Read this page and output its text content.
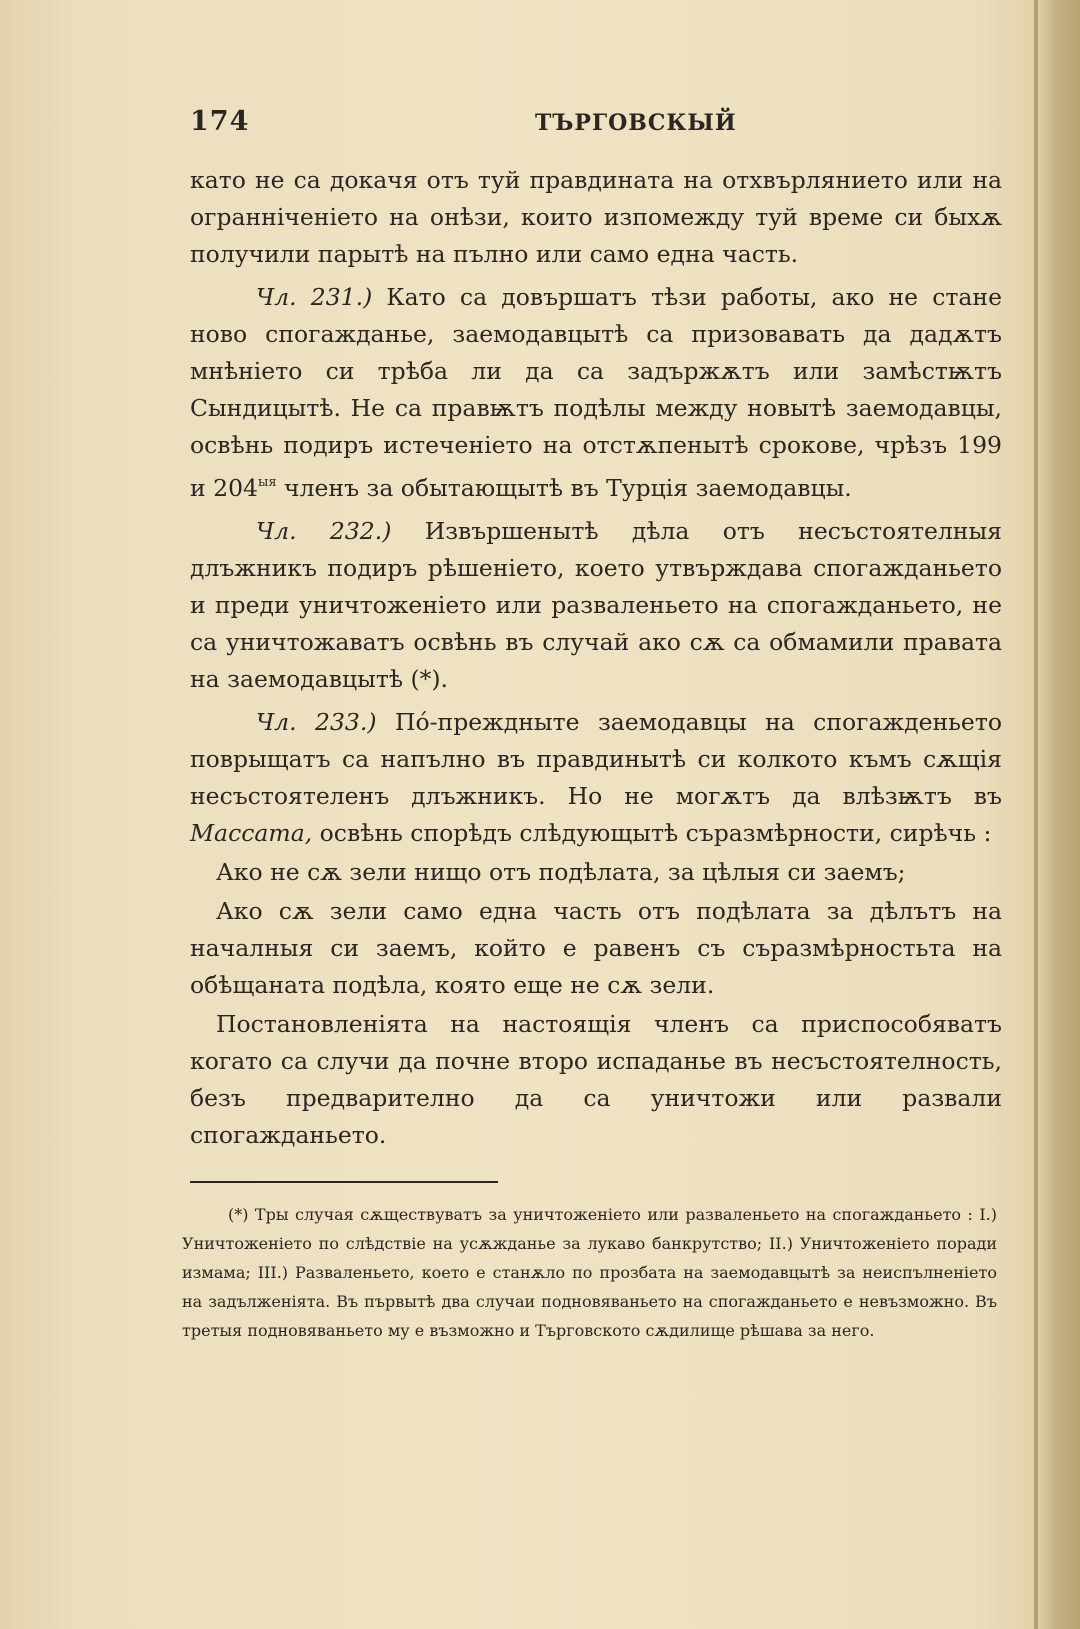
174	ТЪРГОВСКЫЙ

като не са докачя отъ туй правдината на отхвърлянието или на огранніченіето на онѣзи, които изпомежду туй време си быхѫ получили парытѣ на пълно или само една часть.

Чл. 231.) Като са довършатъ тѣзи работы, ако не стане ново спогажданье, заемодавцытѣ са призовавать да дадѫтъ мнѣніето си трѣба ли да са задържѫтъ или замѣстѭтъ Сындицытѣ. Не са правѭтъ подѣлы между новытѣ заемодавцы, освѣнь подиръ истеченіето на отстѫпенытѣ срокове, чрѣзъ 199 и $204^{ыя}$ членъ за обытающытѣ въ Турція заемодавцы.

Чл. 232.) Извършенытѣ дѣла отъ несъстоятелныя длъжникъ подиръ рѣшеніето, което утвърждава спогажданьето и преди уничтоженіето или разваленьето на спогажданьето, не са уничтожаватъ освѣнь въ случай ако сѫ са обмамили правата на заемодавцытѣ (*).

Чл. 233.) По́-преждныте заемодавцы на спогажденьето поврыщатъ са напълно въ правдинытѣ си колкото къмъ сѫщія несъстоятеленъ длъжникъ. Но не могѫтъ да влѣзѭтъ въ Массата, освѣнь спорѣдъ слѣдующытѣ съразмѣрности, сирѣчь :

Ако не сѫ зели нищо отъ подѣлата, за цѣлыя си заемъ;

Ако сѫ зели само една часть отъ подѣлата за дѣлътъ на началныя си заемъ, който е равенъ съ съразмѣрностьта на обѣщаната подѣла, която еще не сѫ зели.

Постановленіята на настоящія членъ са приспособяватъ когато са случи да почне второ испаданье въ несъстоятелность, безъ предварително да са уничтожи или развали спогажданьето.

(*) Тры случая сѫществуватъ за уничтоженіето или разваленьето на спогажданьето : I.) Уничтоженіето по слѣдствіе на усѫжданье за лукаво банкрутство; II.) Уничтоженіето поради измама; III.) Разваленьето, което е станѫло по прозбата на заемодавцытѣ за неиспълненіето на задълженіята. Въ първытѣ два случаи подновяваньето на спогажданьето е невъзможно. Въ третыя подновяваньето му е възможно и Търговското сѫдилище рѣшава за него.
